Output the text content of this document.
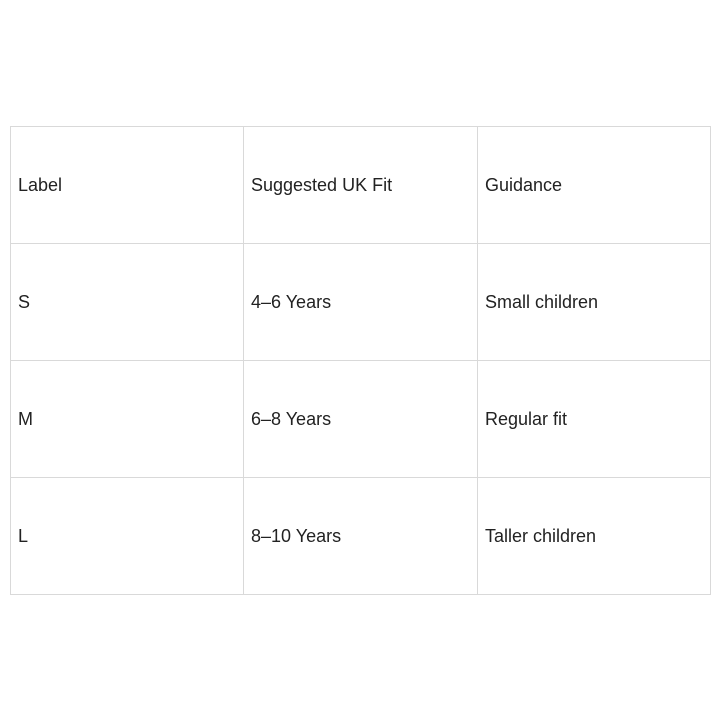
Label	Suggested UK Fit	Guidance
S	4–6 Years	Small children
M	6–8 Years	Regular fit
L	8–10 Years	Taller children
